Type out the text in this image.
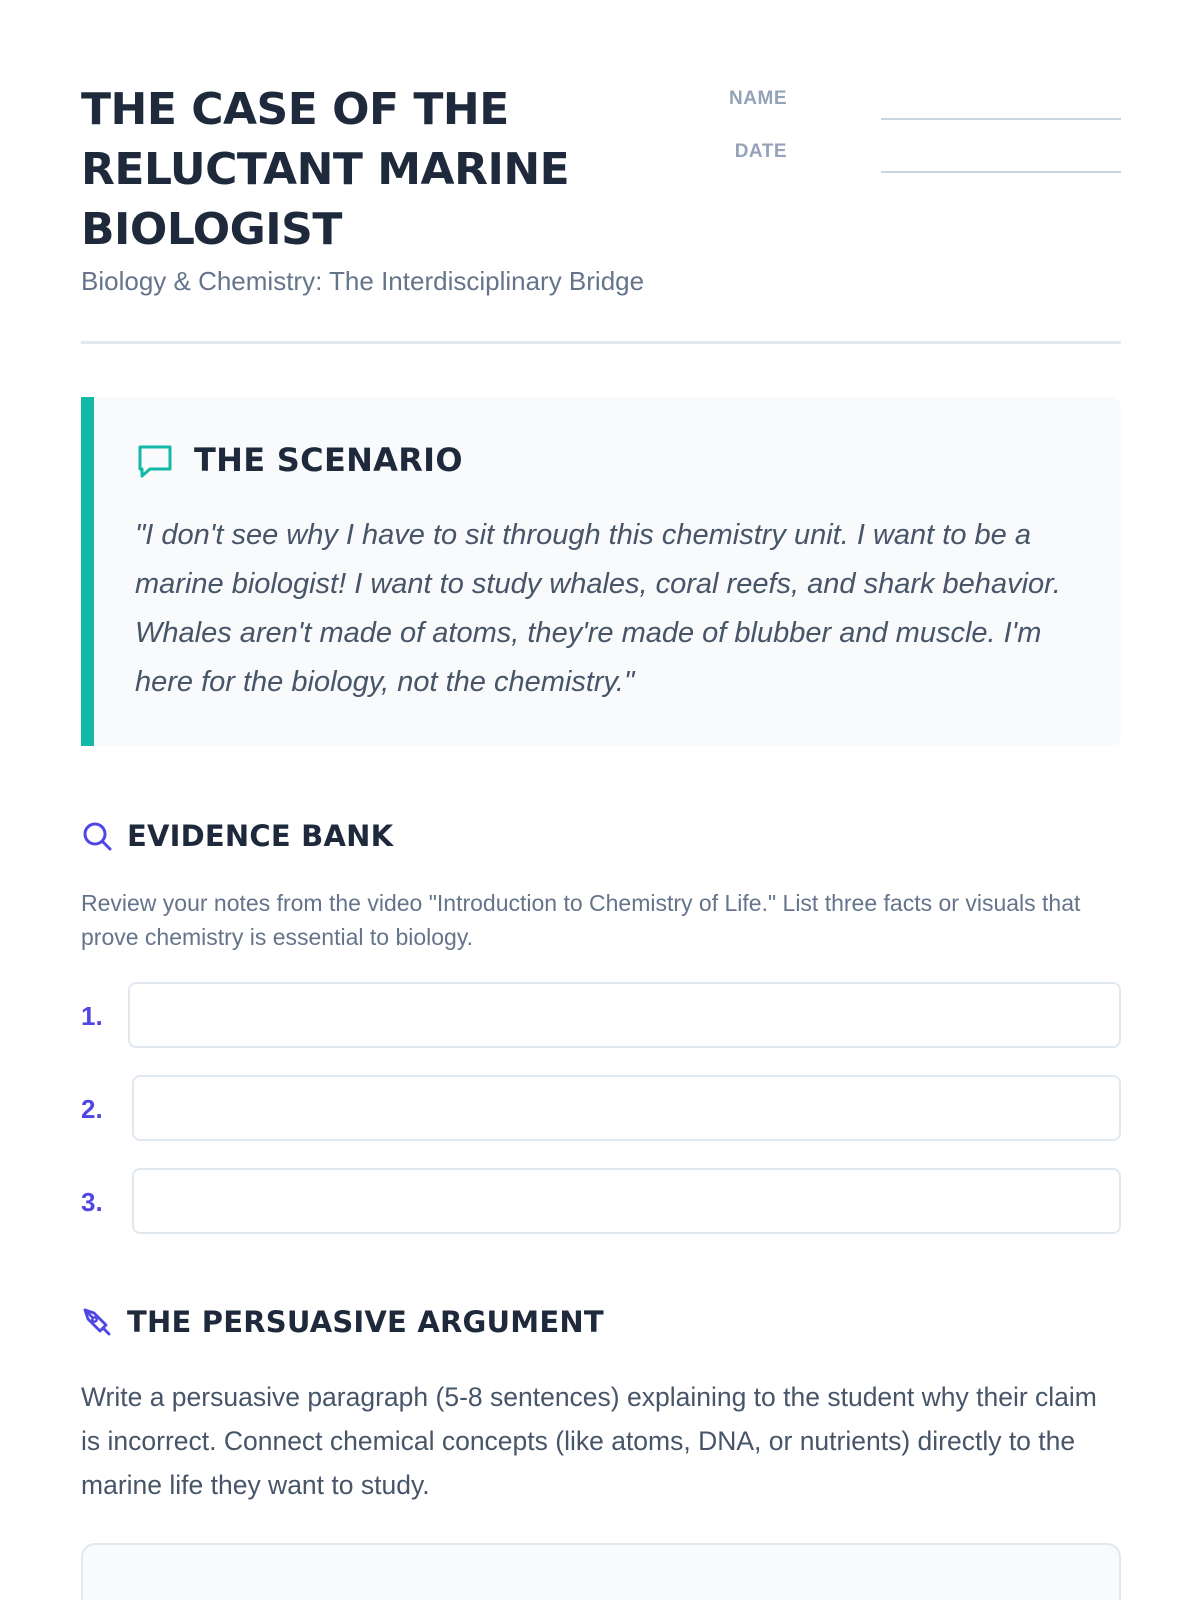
THE CASE OF THE RELUCTANT MARINE BIOLOGIST
Biology & Chemistry: The Interdisciplinary Bridge
NAME
DATE
THE SCENARIO

"I don't see why I have to sit through this chemistry unit. I want to be a marine biologist! I want to study whales, coral reefs, and shark behavior. Whales aren't made of atoms, they're made of blubber and muscle. I'm here for the biology, not the chemistry."

EVIDENCE BANK

Review your notes from the video "Introduction to Chemistry of Life." List three facts or visuals that prove chemistry is essential to biology.

1.
2.
3.
THE PERSUASIVE ARGUMENT

Write a persuasive paragraph (5-8 sentences) explaining to the student why their claim is incorrect. Connect chemical concepts (like atoms, DNA, or nutrients) directly to the marine life they want to study.
